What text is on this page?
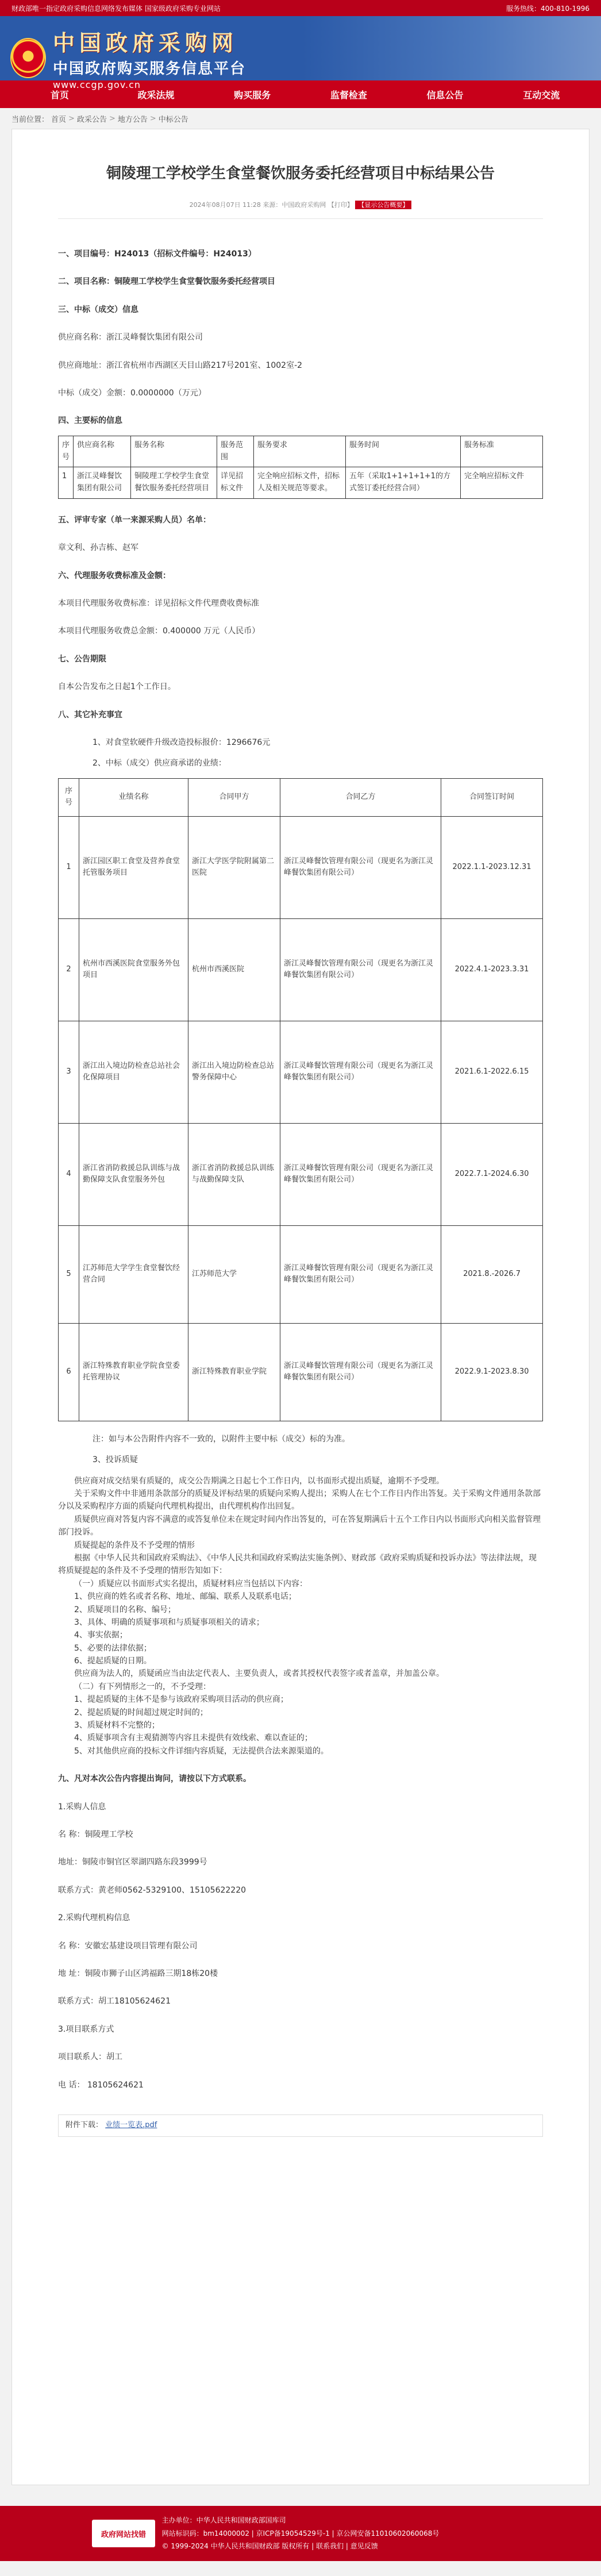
财政部唯一指定政府采购信息网络发布媒体 国家级政府采购专业网站	服务热线：400-810-1996
中国政府采购网
中国政府购买服务信息平台
www.ccgp.gov.cn
首页	政采法规	购买服务	监督检查	信息公告	互动交流
当前位置： 首页 > 政采公告 > 地方公告 > 中标公告
铜陵理工学校学生食堂餐饮服务委托经营项目中标结果公告
2024年08月07日 11:28 来源：中国政府采购网 【打印】 【显示公告概要】
一、项目编号：H24013（招标文件编号：H24013）
二、项目名称：铜陵理工学校学生食堂餐饮服务委托经营项目
三、中标（成交）信息
供应商名称：浙江灵峰餐饮集团有限公司
供应商地址：浙江省杭州市西湖区天目山路217号201室、1002室-2
中标（成交）金额：0.0000000（万元）
四、主要标的信息
序号	供应商名称	服务名称	服务范围	服务要求	服务时间	服务标准
1	浙江灵峰餐饮集团有限公司	铜陵理工学校学生食堂餐饮服务委托经营项目	详见招标文件	完全响应招标文件，招标人及相关规范等要求。	五年（采取1+1+1+1+1的方式签订委托经营合同）	完全响应招标文件
五、评审专家（单一来源采购人员）名单：
章文利、孙吉栋、赵军
六、代理服务收费标准及金额：
本项目代理服务收费标准：详见招标文件代理费收费标准
本项目代理服务收费总金额：0.400000 万元（人民币）
七、公告期限
自本公告发布之日起1个工作日。
八、其它补充事宜
1、对食堂软硬件升级改造投标报价：1296676元
2、中标（成交）供应商承诺的业绩：
序号	业绩名称	合同甲方	合同乙方	合同签订时间
1	浙江园区职工食堂及营养食堂托管服务项目	浙江大学医学院附属第二医院	浙江灵峰餐饮管理有限公司（现更名为浙江灵峰餐饮集团有限公司）	2022.1.1-2023.12.31
2	杭州市西溪医院食堂服务外包项目	杭州市西溪医院	浙江灵峰餐饮管理有限公司（现更名为浙江灵峰餐饮集团有限公司）	2022.4.1-2023.3.31
3	浙江出入境边防检查总站社会化保障项目	浙江出入境边防检查总站警务保障中心	浙江灵峰餐饮管理有限公司（现更名为浙江灵峰餐饮集团有限公司）	2021.6.1-2022.6.15
4	浙江省消防救援总队训练与战勤保障支队食堂服务外包	浙江省消防救援总队训练与战勤保障支队	浙江灵峰餐饮管理有限公司（现更名为浙江灵峰餐饮集团有限公司）	2022.7.1-2024.6.30
5	江苏师范大学学生食堂餐饮经营合同	江苏师范大学	浙江灵峰餐饮管理有限公司（现更名为浙江灵峰餐饮集团有限公司）	2021.8.-2026.7
6	浙江特殊教育职业学院食堂委托管理协议	浙江特殊教育职业学院	浙江灵峰餐饮管理有限公司（现更名为浙江灵峰餐饮集团有限公司）	2022.9.1-2023.8.30
注：如与本公告附件内容不一致的，以附件主要中标（成交）标的为准。
3、投诉质疑
供应商对成交结果有质疑的，成交公告期满之日起七个工作日内，以书面形式提出质疑，逾期不予受理。
关于采购文件中非通用条款部分的质疑及评标结果的质疑向采购人提出；采购人在七个工作日内作出答复。关于采购文件通用条款部分以及采购程序方面的质疑向代理机构提出，由代理机构作出回复。
质疑供应商对答复内容不满意的或答复单位未在规定时间内作出答复的，可在答复期满后十五个工作日内以书面形式向相关监督管理部门投诉。
质疑提起的条件及不予受理的情形
根据《中华人民共和国政府采购法》、《中华人民共和国政府采购法实施条例》、财政部《政府采购质疑和投诉办法》等法律法规，现将质疑提起的条件及不予受理的情形告知如下：
（一）质疑应以书面形式实名提出，质疑材料应当包括以下内容：
1、供应商的姓名或者名称、地址、邮编、联系人及联系电话；
2、质疑项目的名称、编号；
3、具体、明确的质疑事项和与质疑事项相关的请求；
4、事实依据；
5、必要的法律依据；
6、提起质疑的日期。
供应商为法人的，质疑函应当由法定代表人、主要负责人，或者其授权代表签字或者盖章，并加盖公章。
（二）有下列情形之一的，不予受理：
1、提起质疑的主体不是参与该政府采购项目活动的供应商；
2、提起质疑的时间超过规定时间的；
3、质疑材料不完整的；
4、质疑事项含有主观猜测等内容且未提供有效线索、难以查证的；
5、对其他供应商的投标文件详细内容质疑，无法提供合法来源渠道的。
九、凡对本次公告内容提出询问，请按以下方式联系。
1.采购人信息
名 称：铜陵理工学校
地址：铜陵市铜官区翠湖四路东段3999号
联系方式：黄老师0562-5329100、15105622220
2.采购代理机构信息
名 称：安徽宏基建设项目管理有限公司
地 址：铜陵市狮子山区鸿福路三期18栋20楼
联系方式：胡工18105624621
3.项目联系方式
项目联系人：胡工
电 话： 18105624621
附件下载： 业绩一览表.pdf
政府网站找错
主办单位：中华人民共和国财政部国库司
网站标识码：bm14000002 | 京ICP备19054529号-1 | 京公网安备11010602060068号
© 1999-2024 中华人民共和国财政部 版权所有 | 联系我们 | 意见反馈
